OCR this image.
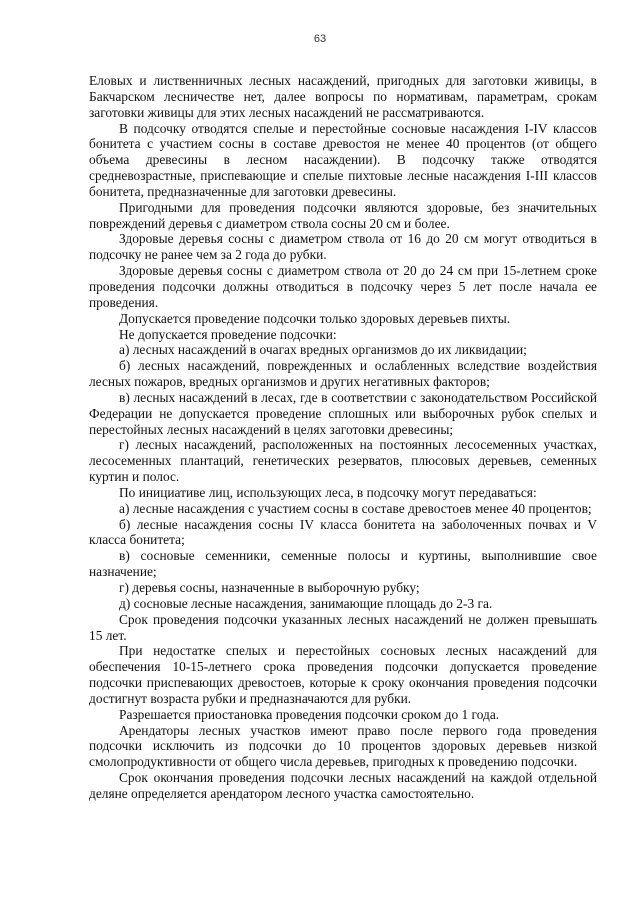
63

Еловых и лиственничных лесных насаждений, пригодных для заготовки живицы, в Бакчарском лесничестве нет, далее вопросы по нормативам, параметрам, срокам заготовки живицы для этих лесных насаждений не рассматриваются.

В подсочку отводятся спелые и перестойные сосновые насаждения I-IV классов бонитета с участием сосны в составе древостоя не менее 40 процентов (от общего объема древесины в лесном насаждении). В подсочку также отводятся средневозрастные, приспевающие и спелые пихтовые лесные насаждения I-III классов бонитета, предназначенные для заготовки древесины.

Пригодными для проведения подсочки являются здоровые, без значительных повреждений деревья с диаметром ствола сосны 20 см и более.

Здоровые деревья сосны с диаметром ствола от 16 до 20 см могут отводиться в подсочку не ранее чем за 2 года до рубки.

Здоровые деревья сосны с диаметром ствола от 20 до 24 см при 15-летнем сроке проведения подсочки должны отводиться в подсочку через 5 лет после начала ее проведения.

Допускается проведение подсочки только здоровых деревьев пихты.

Не допускается проведение подсочки:

а) лесных насаждений в очагах вредных организмов до их ликвидации;

б) лесных насаждений, поврежденных и ослабленных вследствие воздействия лесных пожаров, вредных организмов и других негативных факторов;

в) лесных насаждений в лесах, где в соответствии с законодательством Российской Федерации не допускается проведение сплошных или выборочных рубок спелых и перестойных лесных насаждений в целях заготовки древесины;

г) лесных насаждений, расположенных на постоянных лесосеменных участках, лесосеменных плантаций, генетических резерватов, плюсовых деревьев, семенных куртин и полос.

По инициативе лиц, использующих леса, в подсочку могут передаваться:

а) лесные насаждения с участием сосны в составе древостоев менее 40 процентов;

б) лесные насаждения сосны IV класса бонитета на заболоченных почвах и V класса бонитета;

в) сосновые семенники, семенные полосы и куртины, выполнившие свое назначение;

г) деревья сосны, назначенные в выборочную рубку;

д) сосновые лесные насаждения, занимающие площадь до 2-3 га.

Срок проведения подсочки указанных лесных насаждений не должен превышать 15 лет.

При недостатке спелых и перестойных сосновых лесных насаждений для обеспечения 10-15-летнего срока проведения подсочки допускается проведение подсочки приспевающих древостоев, которые к сроку окончания проведения подсочки достигнут возраста рубки и предназначаются для рубки.

Разрешается приостановка проведения подсочки сроком до 1 года.

Арендаторы лесных участков имеют право после первого года проведения подсочки исключить из подсочки до 10 процентов здоровых деревьев низкой смолопродуктивности от общего числа деревьев, пригодных к проведению подсочки.

Срок окончания проведения подсочки лесных насаждений на каждой отдельной деляне определяется арендатором лесного участка самостоятельно.
